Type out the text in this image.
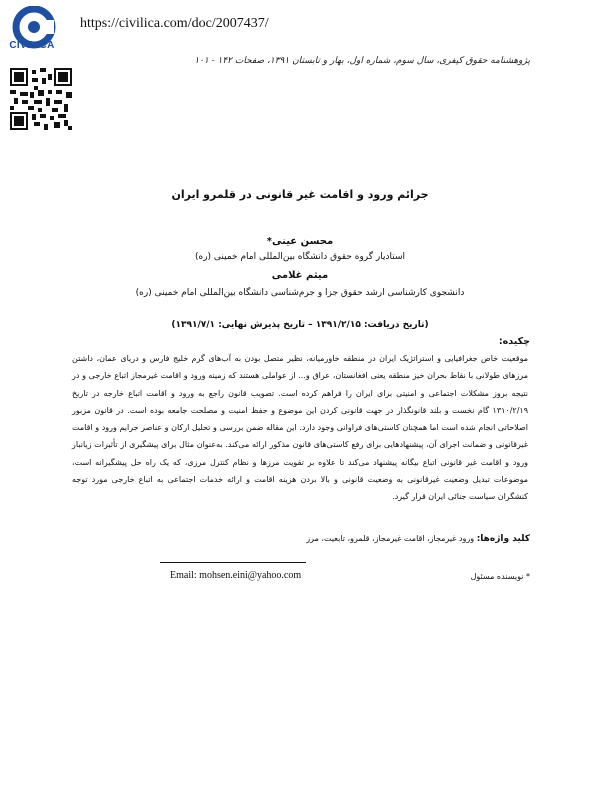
CIVILICA
https://civilica.com/doc/2007437/
پژوهشنامه حقوق کیفری، سال سوم، شماره اول، بهار و تابستان ۱۳۹۱، صفحات ۱۴۲ - ۱۰۱
جرائم ورود و اقامت غیر قانونی در قلمرو ایران
محسن عینی*
استادیار گروه حقوق دانشگاه بین‌المللی امام خمینی (ره)
میثم غلامی
دانشجوی کارشناسی ارشد حقوق جزا و جرم‌شناسی دانشگاه بین‌المللی امام خمینی (ره)
(تاریخ دریافت: ۱۳۹۱/۲/۱۵ – تاریخ پذیرش نهایی: ۱۳۹۱/۷/۱)
چکیده:
موقعیت خاص جغرافیایی و استراتژیک ایران در منطقه خاورمیانه، نظیر متصل بودن به آب‌های گرم خلیج فارس و دریای عمان، داشتن مرزهای طولانی با نقاط بحران خیز منطقه یعنی افغانستان، عراق و... از عواملی هستند که زمینه ورود و اقامت غیرمجاز اتباع خارجی و در نتیجه بروز مشکلات اجتماعی و امنیتی برای ایران را فراهم کرده است. تصویب قانون راجع به ورود و اقامت اتباع خارجه در تاریخ ۱۳۱۰/۲/۱۹ گام نخست و بلند قانونگذار در جهت قانونی کردن این موضوع و حفظ امنیت و مصلحت جامعه بوده است. در قانون مزبور اصلاحاتی انجام شده است اما همچنان کاستی‌های فراوانی وجود دارد. این مقاله ضمن بررسی و تحلیل ارکان و عناصر جرایم ورود و اقامت غیرقانونی و ضمانت اجرای آن، پیشنهادهایی برای رفع کاستی‌های قانون مذکور ارائه می‌کند. به‌عنوان مثال برای پیشگیری از تأثیرات زیانبار ورود و اقامت غیر قانونی اتباع بیگانه پیشنهاد می‌کند تا علاوه بر تقویت مرزها و نظام کنترل مرزی، که یک راه حل پیشگیرانه است، موضوعات تبدیل وضعیت غیرقانونی به وضعیت قانونی و بالا بردن هزینه اقامت و ارائه خدمات اجتماعی به اتباع خارجی مورد توجه کنشگران سیاست جنائی ایران قرار گیرد.
کلید واژه‌ها: ورود غیرمجاز، اقامت غیرمجاز، قلمرو، تابعیت، مرز
Email: mohsen.eini@yahoo.com	* نویسنده مسئول
